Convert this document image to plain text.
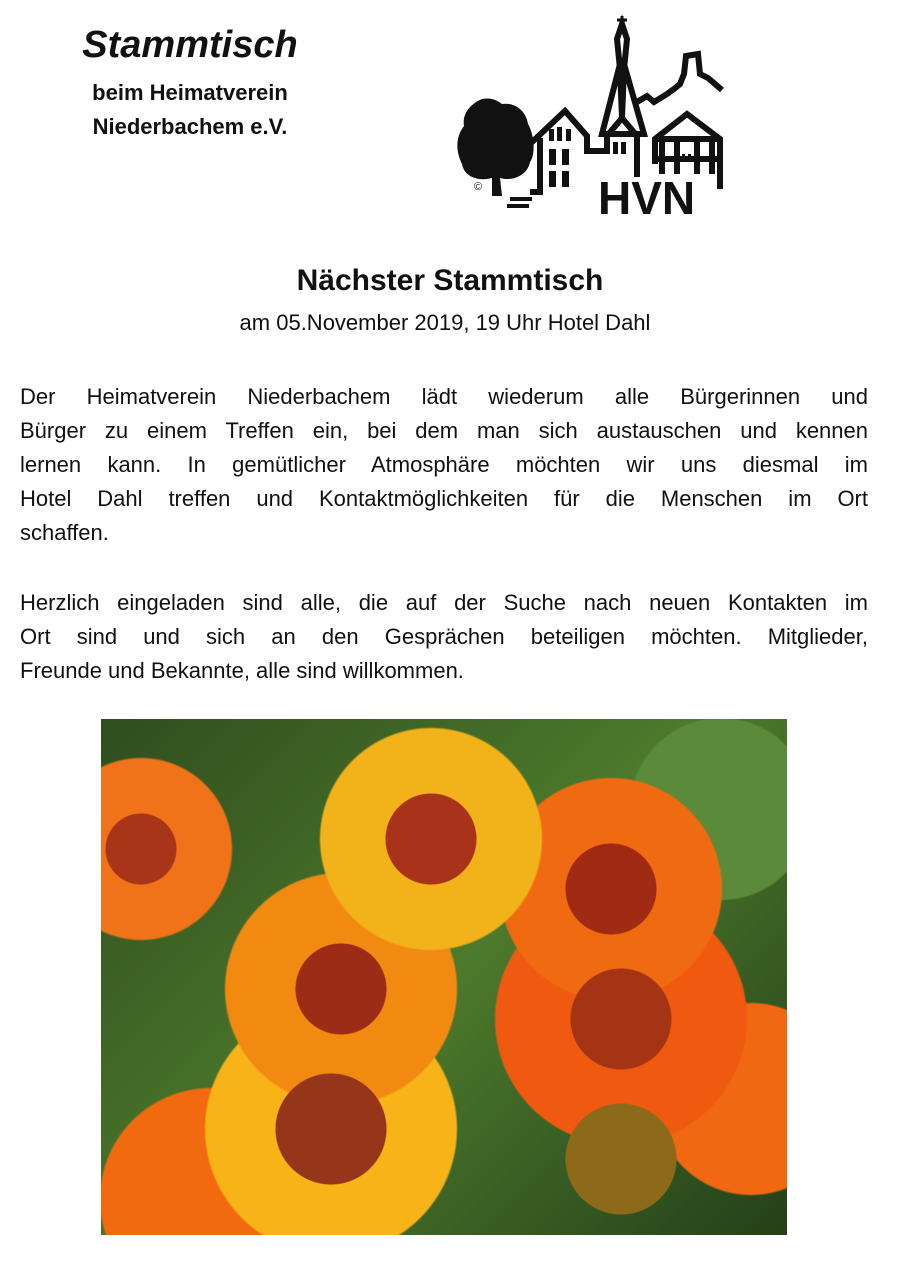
Stammtisch
beim Heimatverein
Niederbachem e.V.
©	HVN
Nächster Stammtisch
am 05.November 2019, 19 Uhr Hotel Dahl
Der Heimatverein Niederbachem lädt wiederum alle Bürgerinnen und
Bürger zu einem Treffen ein, bei dem man sich austauschen und kennen
lernen kann. In gemütlicher Atmosphäre möchten wir uns diesmal im
Hotel Dahl treffen und Kontaktmöglichkeiten für die Menschen im Ort
schaffen.
Herzlich eingeladen sind alle, die auf der Suche nach neuen Kontakten im
Ort sind und sich an den Gesprächen beteiligen möchten. Mitglieder,
Freunde und Bekannte, alle sind willkommen.
